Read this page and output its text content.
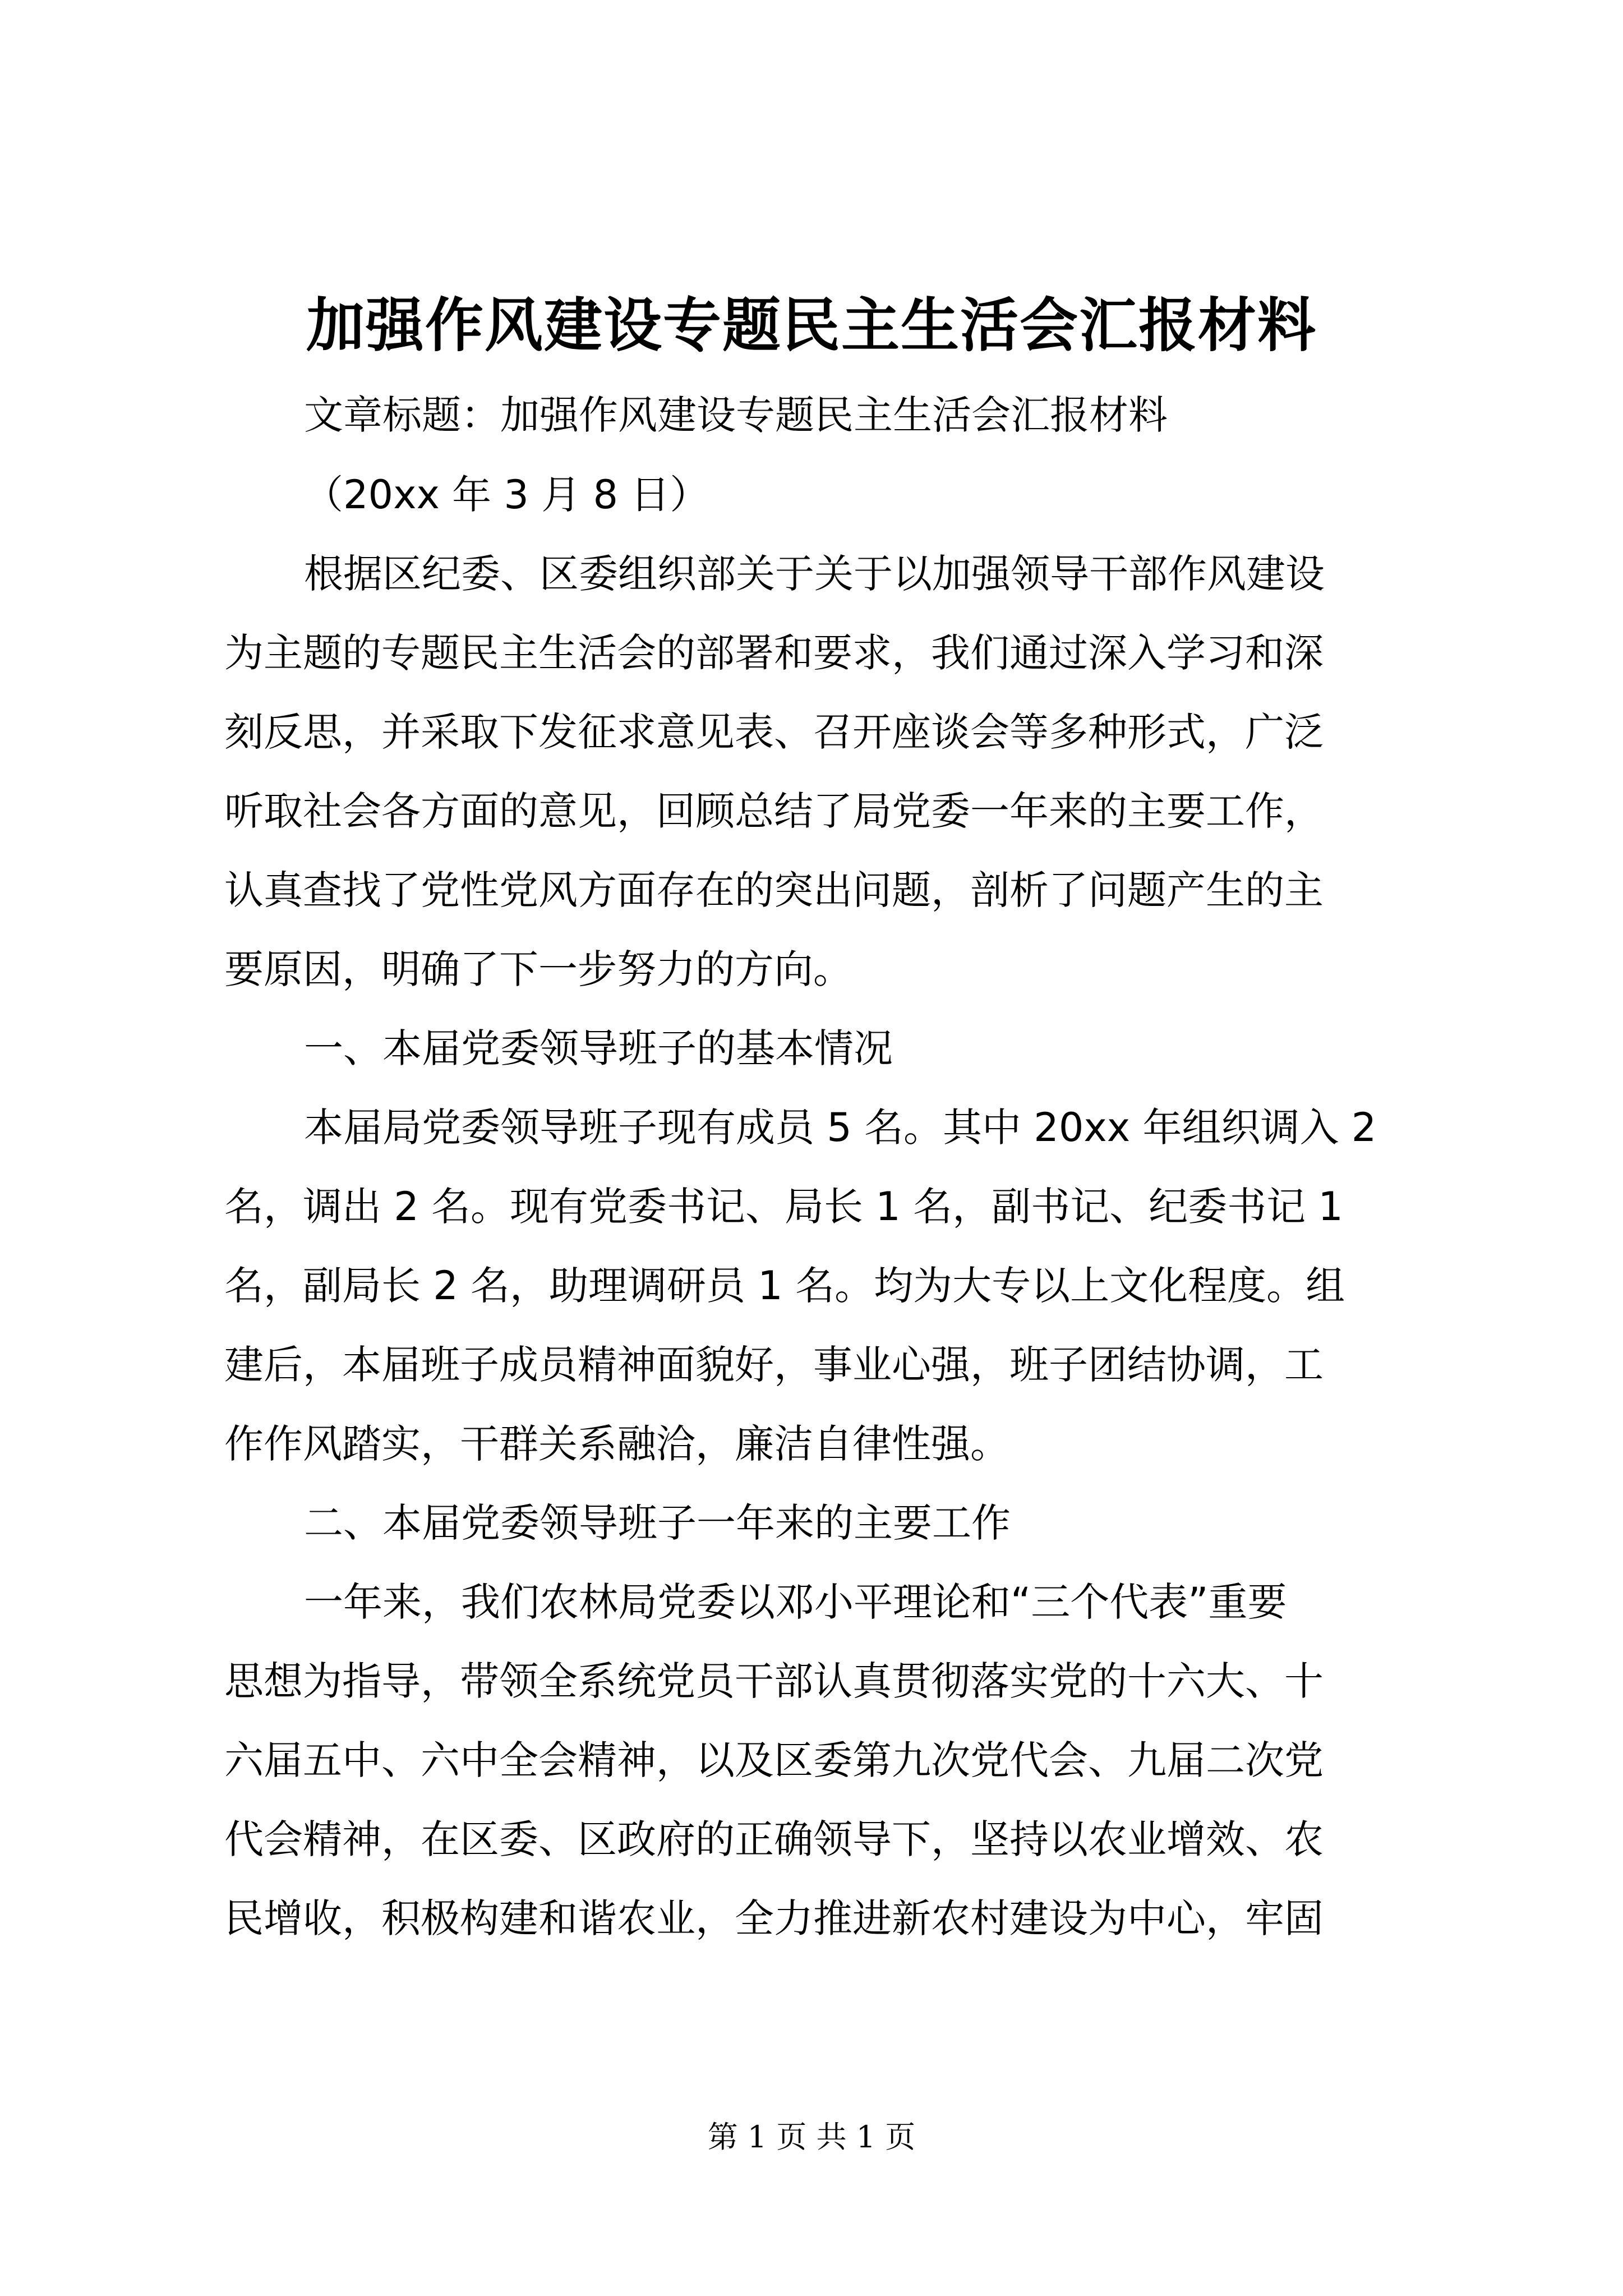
加强作风建设专题民主生活会汇报材料

文章标题：加强作风建设专题民主生活会汇报材料

（20xx 年 3 月 8 日）

根据区纪委、区委组织部关于关于以加强领导干部作风建设

为主题的专题民主生活会的部署和要求，我们通过深入学习和深

刻反思，并采取下发征求意见表、召开座谈会等多种形式，广泛

听取社会各方面的意见，回顾总结了局党委一年来的主要工作，

认真查找了党性党风方面存在的突出问题，剖析了问题产生的主

要原因，明确了下一步努力的方向。

一、本届党委领导班子的基本情况

本届局党委领导班子现有成员 5 名。其中 20xx 年组织调入 2

名，调出 2 名。现有党委书记、局长 1 名，副书记、纪委书记 1

名，副局长 2 名，助理调研员 1 名。均为大专以上文化程度。组

建后，本届班子成员精神面貌好，事业心强，班子团结协调，工

作作风踏实，干群关系融洽，廉洁自律性强。

二、本届党委领导班子一年来的主要工作

一年来，我们农林局党委以邓小平理论和“三个代表”重要

思想为指导，带领全系统党员干部认真贯彻落实党的十六大、十

六届五中、六中全会精神，以及区委第九次党代会、九届二次党

代会精神，在区委、区政府的正确领导下，坚持以农业增效、农

民增收，积极构建和谐农业，全力推进新农村建设为中心，牢固

第 1 页 共 1 页
